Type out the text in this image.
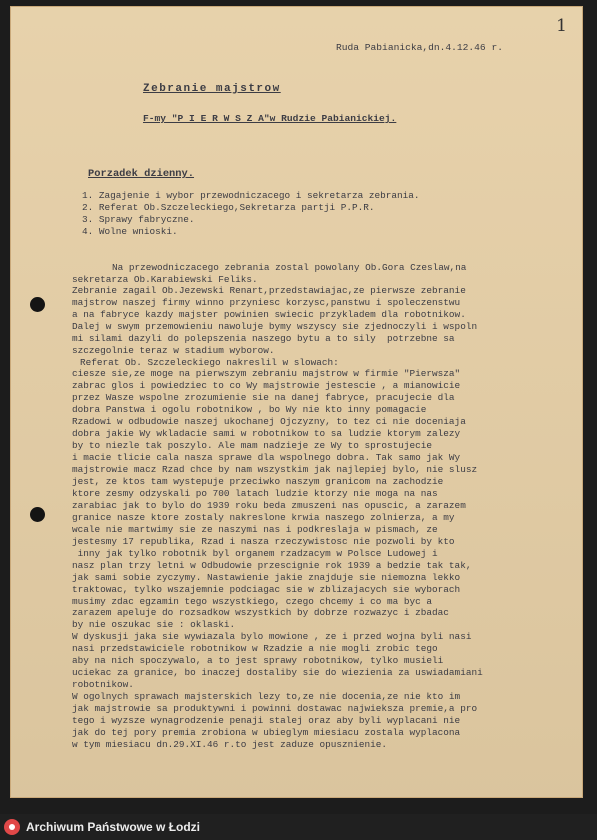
1
Ruda Pabianicka,dn.4.12.46 r.
Zebranie majstrow
F-my "P I E R W S Z A"w Rudzie Pabianickiej.
Porzadek dzienny.
1. Zagajenie i wybor przewodniczacego i sekretarza zebrania.
2. Referat Ob.Szczeleckiego,Sekretarza partji P.P.R.
3. Sprawy fabryczne.
4. Wolne wnioski.
Na przewodniczacego zebrania zostal powolany Ob.Gora Czeslaw,na
sekretarza Ob.Karabiewski Feliks.
Zebranie zagail Ob.Jezewski Renart,przedstawiajac,ze pierwsze zebranie
majstrow naszej firmy winno przyniesc korzysc,panstwu i spoleczenstwu
a na fabryce kazdy majster powinien swiecic przykladem dla robotnikow.
Dalej w swym przemowieniu nawoluje bymy wszyscy sie zjednoczyli i wspoln
mi silami dazyli do polepszenia naszego bytu a to sily  potrzebne sa
szczegolnie teraz w stadium wyborow.
Referat Ob. Szczeleckiego nakreslil w slowach:
ciesze sie,ze moge na pierwszym zebraniu majstrow w firmie "Pierwsza"
zabrac glos i powiedziec to co Wy majstrowie jestescie , a mianowicie
przez Wasze wspolne zrozumienie sie na danej fabryce, pracujecie dla
dobra Panstwa i ogolu robotnikow , bo Wy nie kto inny pomagacie
Rzadowi w odbudowie naszej ukochanej Ojczyzny, to tez ci nie doceniaja
dobra jakie Wy wkladacie sami w robotnikow to sa ludzie ktorym zalezy
by to niezle tak poszylo. Ale mam nadzieje ze Wy to sprostujecie
i macie tlicie cala nasza sprawe dla wspolnego dobra. Tak samo jak Wy
majstrowie macz Rzad chce by nam wszystkim jak najlepiej bylo, nie slusz
jest, ze ktos tam wystepuje przeciwko naszym granicom na zachodzie
ktore zesmy odzyskali po 700 latach ludzie ktorzy nie moga na nas
zarabiac jak to bylo do 1939 roku beda zmuszeni nas opuscic, a zarazem
granice nasze ktore zostaly nakreslone krwia naszego zolnierza, a my
wcale nie martwimy sie ze naszymi nas i podkreslaja w pismach, ze
jestesmy 17 republika, Rzad i nasza rzeczywistosc nie pozwoli by kto
inny jak tylko robotnik byl organem rzadzacym w Polsce Ludowej i
nasz plan trzy letni w Odbudowie przescignie rok 1939 a bedzie tak tak,
jak sami sobie zyczymy. Nastawienie jakie znajduje sie niemozna lekko
traktowac, tylko wszajemnie podciagac sie w zblizajacych sie wyborach
musimy zdac egzamin tego wszystkiego, czego chcemy i co ma byc a
zarazem apeluje do rozsadkow wszystkich by dobrze rozwazyc i zbadac
by nie oszukac sie : oklaski.
W dyskusji jaka sie wywiazala bylo mowione , ze i przed wojna byli nasi
nasi przedstawiciele robotnikow w Rzadzie a nie mogli zrobic tego
aby na nich spoczywalo, a to jest sprawy robotnikow, tylko musieli
uciekac za granice, bo inaczej dostaliby sie do wiezienia za uswiadamiani
robotnikow.
W ogolnych sprawach majsterskich lezy to,ze nie docenia,ze nie kto im
jak majstrowie sa produktywni i powinni dostawac najwieksza premie,a pro
tego i wyzsze wynagrodzenie penaji stalej oraz aby byli wyplacani nie
jak do tej pory premia zrobiona w ubieglym miesiacu zostala wyplacona
w tym miesiacu dn.29.XI.46 r.to jest zaduze opusznienie.
Archiwum Państwowe w Łodzi
